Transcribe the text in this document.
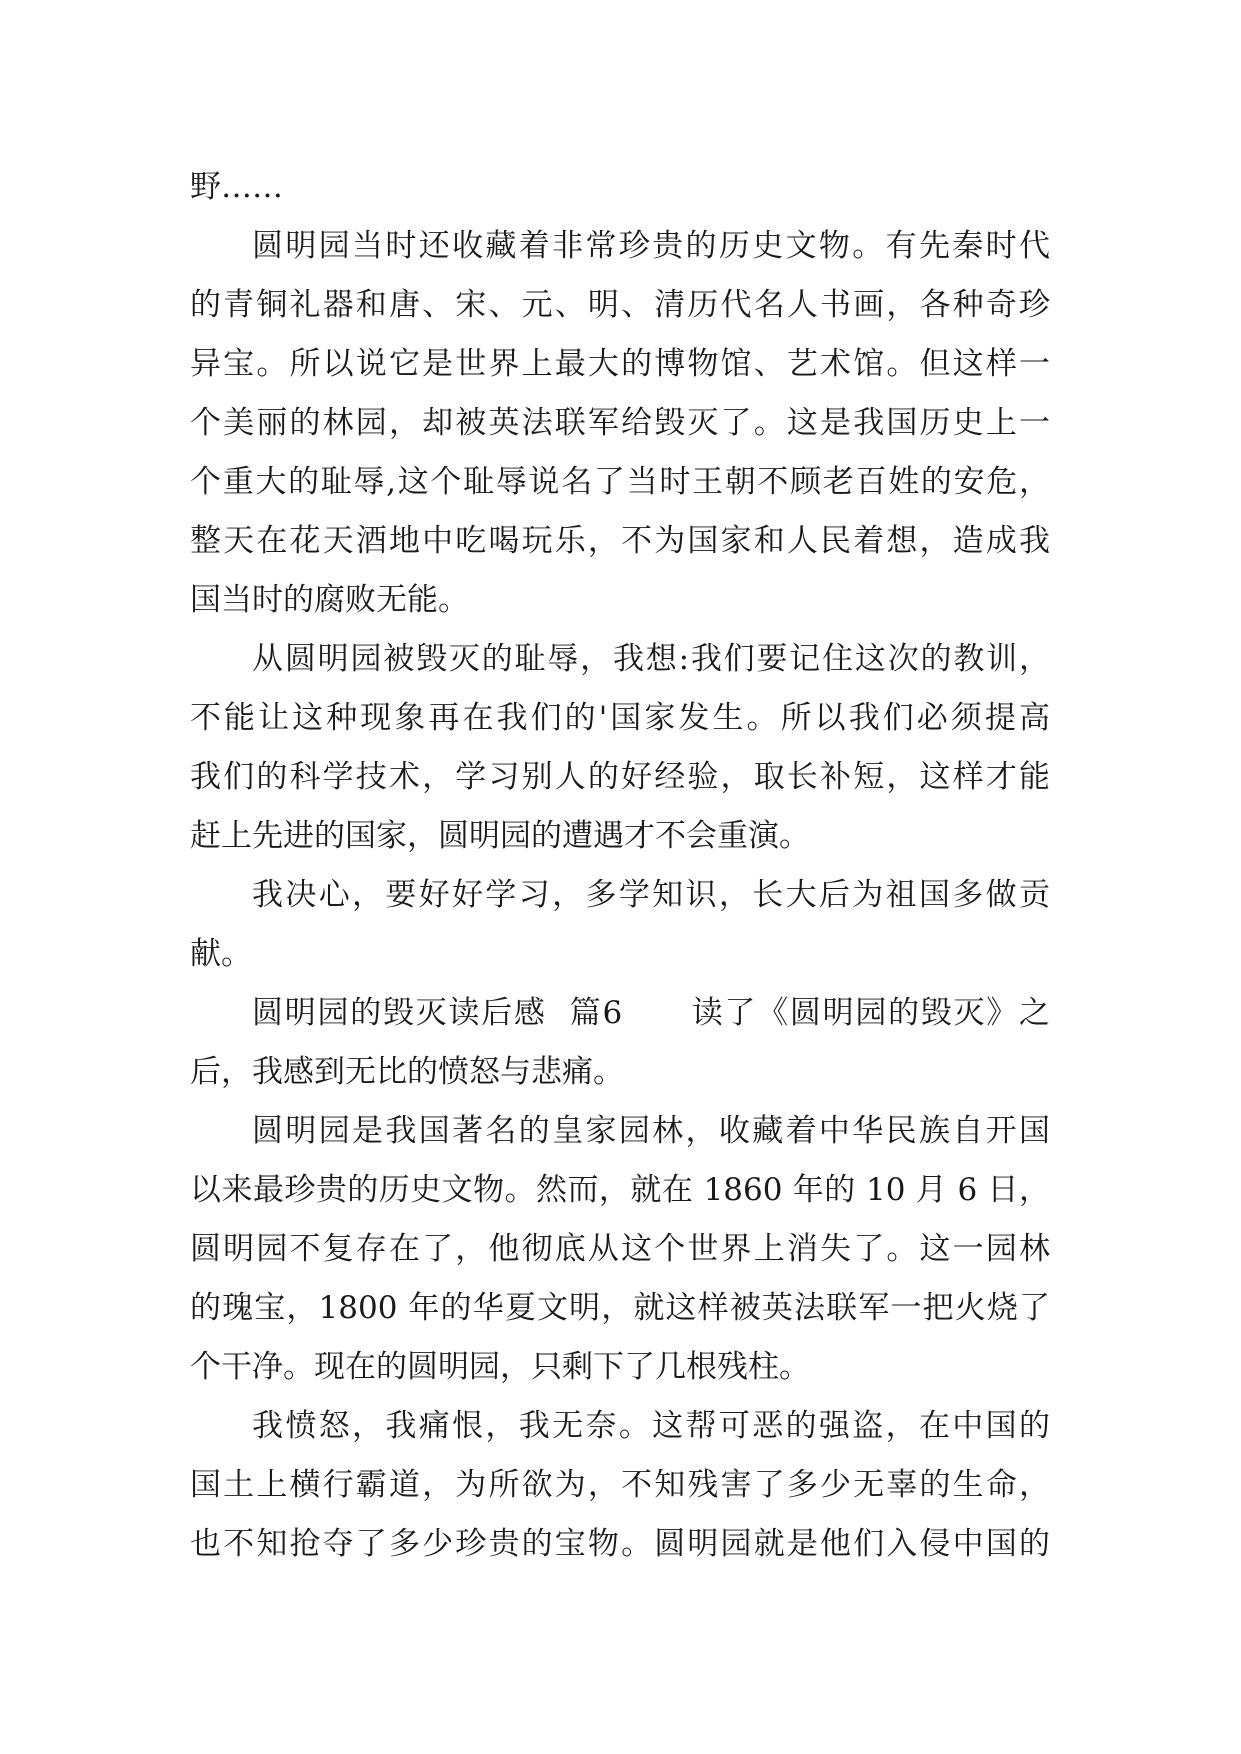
野……
圆明园当时还收藏着非常珍贵的历史文物。有先秦时代
的青铜礼器和唐、宋、元、明、清历代名人书画，各种奇珍
异宝。所以说它是世界上最大的博物馆、艺术馆。但这样一
个美丽的林园，却被英法联军给毁灭了。这是我国历史上一
个重大的耻辱,这个耻辱说名了当时王朝不顾老百姓的安危，
整天在花天酒地中吃喝玩乐，不为国家和人民着想，造成我
国当时的腐败无能。
从圆明园被毁灭的耻辱，我想:我们要记住这次的教训，
不能让这种现象再在我们的'国家发生。所以我们必须提高
我们的科学技术，学习别人的好经验，取长补短，这样才能
赶上先进的国家，圆明园的遭遇才不会重演。
我决心，要好好学习，多学知识，长大后为祖国多做贡
献。
圆明园的毁灭读后感  篇6      读了《圆明园的毁灭》之
后，我感到无比的愤怒与悲痛。
圆明园是我国著名的皇家园林，收藏着中华民族自开国
以来最珍贵的历史文物。然而，就在 1860 年的 10 月 6 日，
圆明园不复存在了，他彻底从这个世界上消失了。这一园林
的瑰宝，1800 年的华夏文明，就这样被英法联军一把火烧了
个干净。现在的圆明园，只剩下了几根残柱。
我愤怒，我痛恨，我无奈。这帮可恶的强盗，在中国的
国土上横行霸道，为所欲为，不知残害了多少无辜的生命，
也不知抢夺了多少珍贵的宝物。圆明园就是他们入侵中国的
